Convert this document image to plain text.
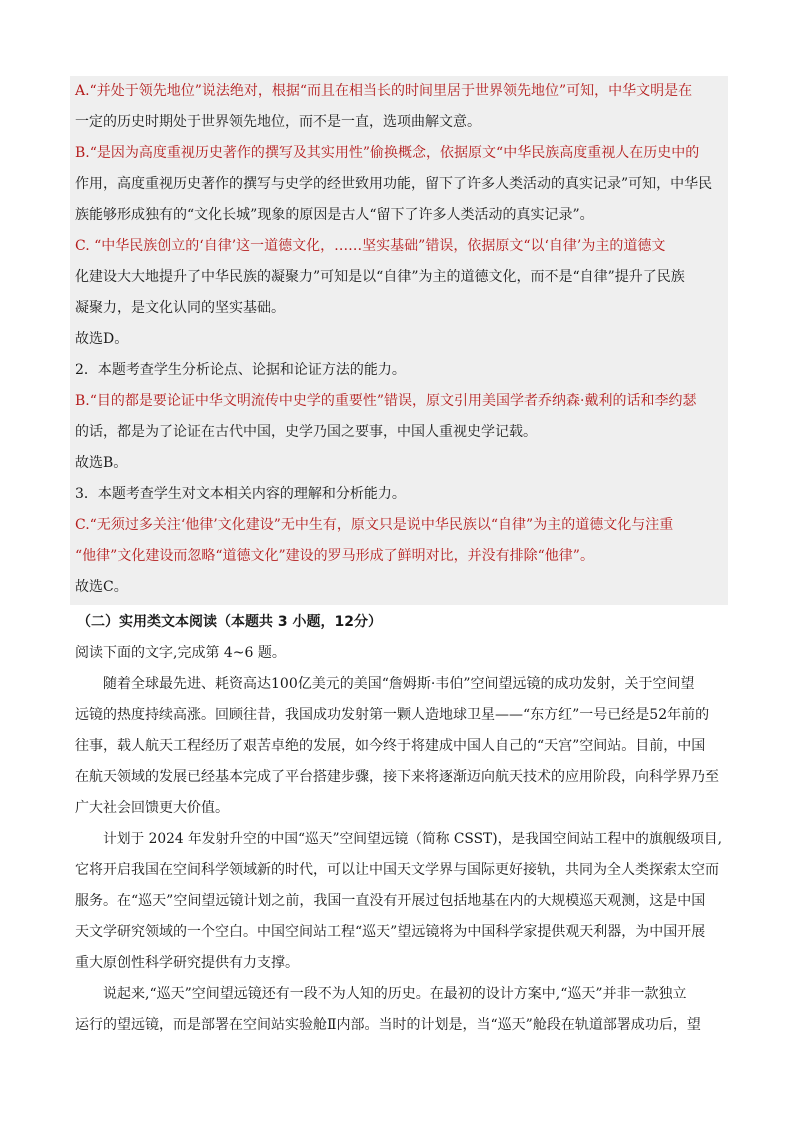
A.“并处于领先地位”说法绝对，根据“而且在相当长的时间里居于世界领先地位”可知，中华文明是在
一定的历史时期处于世界领先地位，而不是一直，选项曲解文意。
B.“是因为高度重视历史著作的撰写及其实用性”偷换概念，依据原文“中华民族高度重视人在历史中的
作用，高度重视历史著作的撰写与史学的经世致用功能，留下了许多人类活动的真实记录”可知，中华民
族能够形成独有的“文化长城”现象的原因是古人“留下了许多人类活动的真实记录”。
C. “中华民族创立的‘自律’这一道德文化，……坚实基础”错误，依据原文“以‘自律’为主的道德文
化建设大大地提升了中华民族的凝聚力”可知是以“自律”为主的道德文化，而不是“自律”提升了民族
凝聚力，是文化认同的坚实基础。
故选D。
2．本题考查学生分析论点、论据和论证方法的能力。
B.“目的都是要论证中华文明流传中史学的重要性”错误，原文引用美国学者乔纳森·戴利的话和李约瑟
的话，都是为了论证在古代中国，史学乃国之要事，中国人重视史学记载。
故选B。
3．本题考查学生对文本相关内容的理解和分析能力。
C.“无须过多关注‘他律’文化建设”无中生有，原文只是说中华民族以“自律”为主的道德文化与注重
“他律”文化建设而忽略“道德文化”建设的罗马形成了鲜明对比，并没有排除“他律”。
故选C。
（二）实用类文本阅读（本题共 3 小题，12分）
阅读下面的文字,完成第 4~6 题。
随着全球最先进、耗资高达100亿美元的美国“詹姆斯·韦伯”空间望远镜的成功发射，关于空间望
远镜的热度持续高涨。回顾往昔，我国成功发射第一颗人造地球卫星——“东方红”一号已经是52年前的
往事，载人航天工程经历了艰苦卓绝的发展，如今终于将建成中国人自己的“天宫”空间站。目前，中国
在航天领域的发展已经基本完成了平台搭建步骤，接下来将逐渐迈向航天技术的应用阶段，向科学界乃至
广大社会回馈更大价值。
计划于 2024 年发射升空的中国“巡天”空间望远镜（简称 CSST)，是我国空间站工程中的旗舰级项目,
它将开启我国在空间科学领域新的时代，可以让中国天文学界与国际更好接轨，共同为全人类探索太空而
服务。在“巡天”空间望远镜计划之前，我国一直没有开展过包括地基在内的大规模巡天观测，这是中国
天文学研究领域的一个空白。中国空间站工程“巡天”望远镜将为中国科学家提供观天利器，为中国开展
重大原创性科学研究提供有力支撑。
说起来,“巡天”空间望远镜还有一段不为人知的历史。在最初的设计方案中,“巡天”并非一款独立
运行的望远镜，而是部署在空间站实验舱Ⅱ内部。当时的计划是，当“巡天”舱段在轨道部署成功后，望
